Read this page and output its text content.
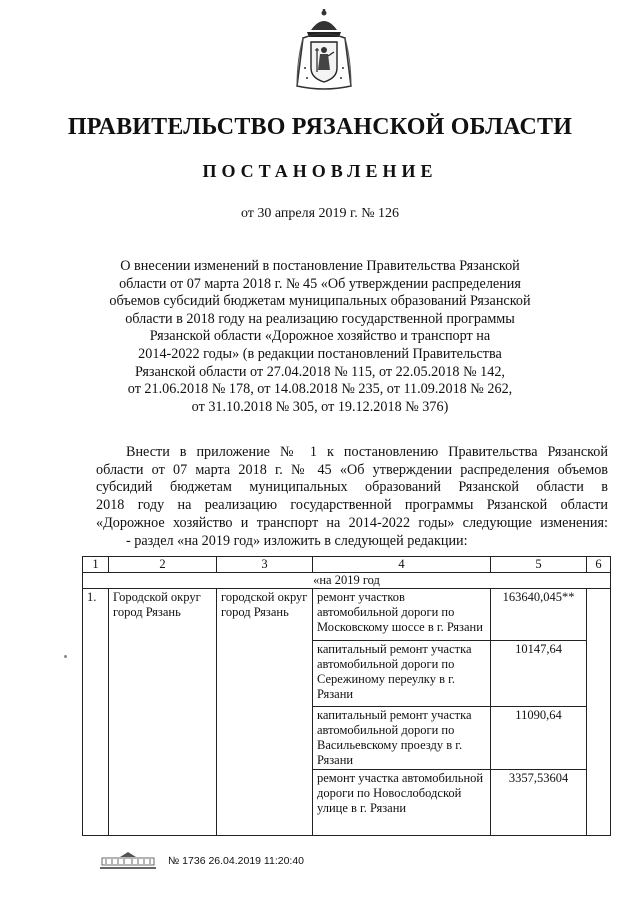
ПРАВИТЕЛЬСТВО РЯЗАНСКОЙ ОБЛАСТИ
ПОСТАНОВЛЕНИЕ
от 30 апреля 2019 г. № 126
О внесении изменений в постановление Правительства Рязанской
области от 07 марта 2018 г. № 45 «Об утверждении распределения
объемов субсидий бюджетам муниципальных образований Рязанской
области в 2018 году на реализацию государственной программы
Рязанской области «Дорожное хозяйство и транспорт на
2014-2022 годы» (в редакции постановлений Правительства
Рязанской области от 27.04.2018 № 115, от 22.05.2018 № 142,
от 21.06.2018 № 178, от 14.08.2018 № 235, от 11.09.2018 № 262,
от 31.10.2018 № 305, от 19.12.2018 № 376)
Внести в приложение № 1 к постановлению Правительства Рязанской
области от 07 марта 2018 г. № 45 «Об утверждении распределения объемов
субсидий бюджетам муниципальных образований Рязанской области в
2018 году на реализацию государственной программы Рязанской области
«Дорожное хозяйство и транспорт на 2014-2022 годы» следующие изменения:
- раздел «на 2019 год» изложить в следующей редакции:
1	2	3	4	5	6
«на 2019 год					
1.	Городской округ город Рязань	городской округ город Рязань	ремонт участков автомобильной дороги по Московскому шоссе в г. Рязани	163640,045**	
			капитальный ремонт участка автомобильной дороги по Сережиному переулку в г. Рязани	10147,64	
			капитальный ремонт участка автомобильной дороги по Васильевскому проезду в г. Рязани	11090,64	
			ремонт участка автомобильной дороги по Новослободской улице в г. Рязани	3357,53604	
№ 1736 26.04.2019 11:20:40
